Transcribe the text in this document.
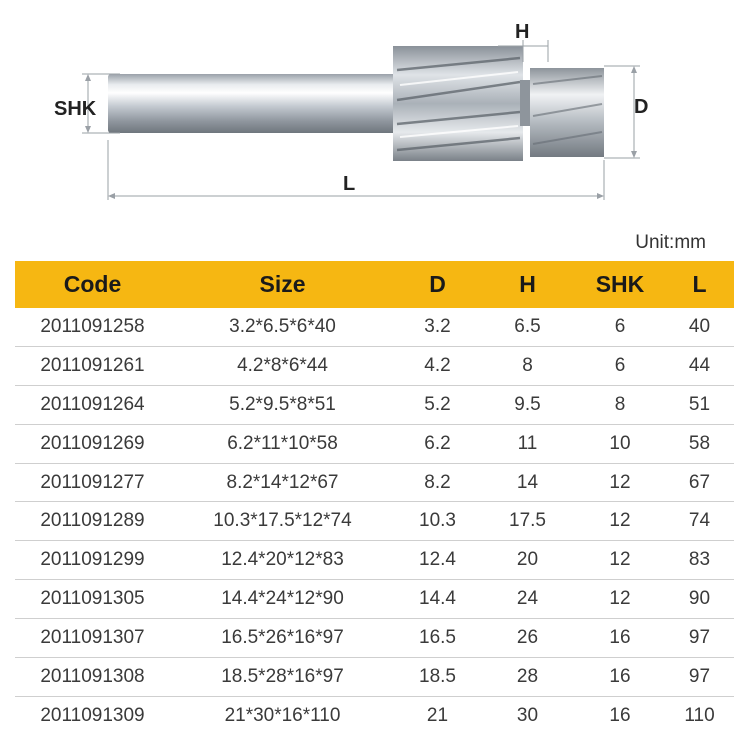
SHK
H
D
L
Unit:mm
Code	Size	D	H	SHK	L
2011091258	3.2*6.5*6*40	3.2	6.5	6	40
2011091261	4.2*8*6*44	4.2	8	6	44
2011091264	5.2*9.5*8*51	5.2	9.5	8	51
2011091269	6.2*11*10*58	6.2	11	10	58
2011091277	8.2*14*12*67	8.2	14	12	67
2011091289	10.3*17.5*12*74	10.3	17.5	12	74
2011091299	12.4*20*12*83	12.4	20	12	83
2011091305	14.4*24*12*90	14.4	24	12	90
2011091307	16.5*26*16*97	16.5	26	16	97
2011091308	18.5*28*16*97	18.5	28	16	97
2011091309	21*30*16*110	21	30	16	110
